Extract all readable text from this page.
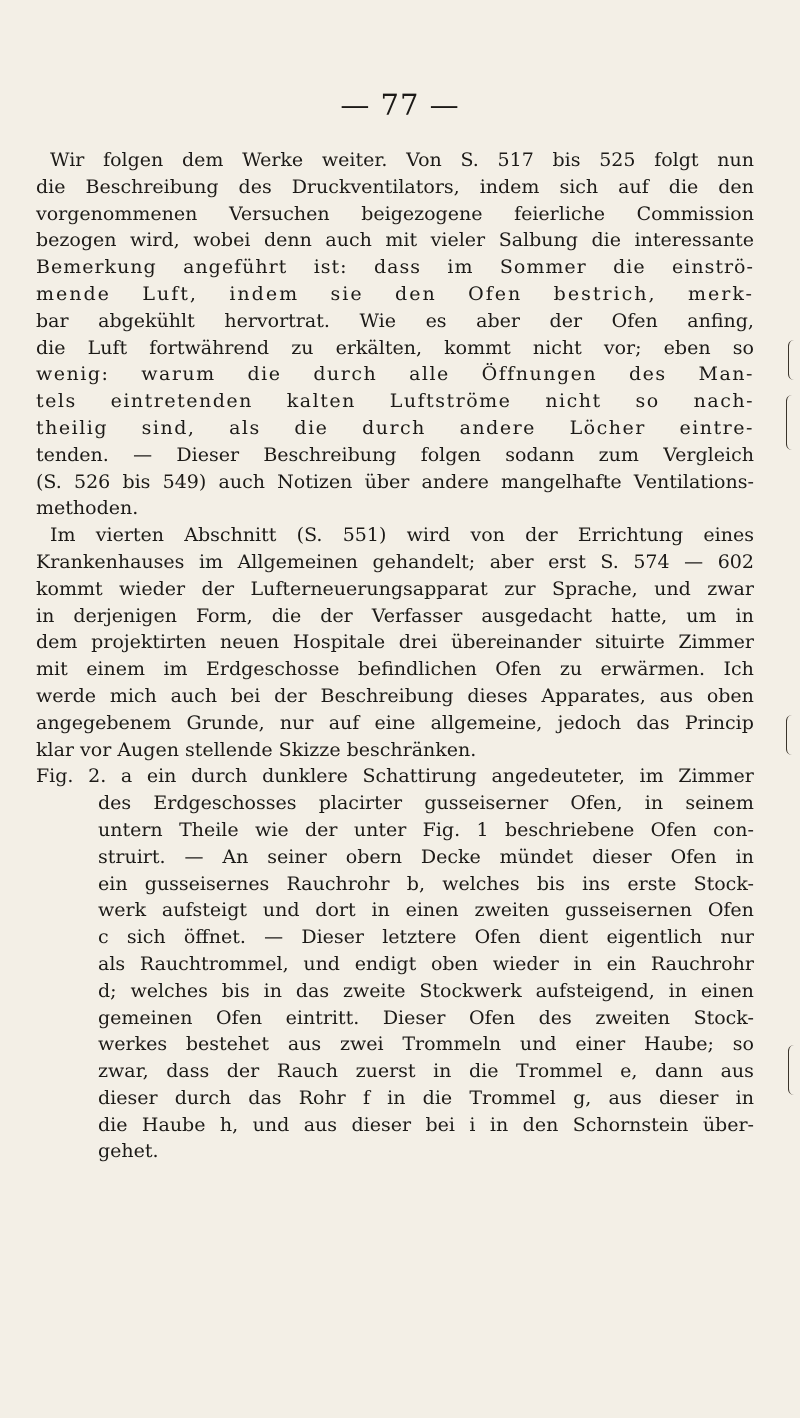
— 77 —
Wir folgen dem Werke weiter. Von S. 517 bis 525 folgt nun
die Beschreibung des Druckventilators, indem sich auf die den
vorgenommenen Versuchen beigezogene feierliche Commission
bezogen wird, wobei denn auch mit vieler Salbung die interessante
Bemerkung angeführt ist: dass im Sommer die einströ-
mende Luft, indem sie den Ofen bestrich, merk-
bar abgekühlt hervortrat. Wie es aber der Ofen anfing,
die Luft fortwährend zu erkälten, kommt nicht vor; eben so
wenig: warum die durch alle Öffnungen des Man-
tels eintretenden kalten Luftströme nicht so nach-
theilig sind, als die durch andere Löcher eintre-
tenden. — Dieser Beschreibung folgen sodann zum Vergleich
(S. 526 bis 549) auch Notizen über andere mangelhafte Ventilations-
methoden.
Im vierten Abschnitt (S. 551) wird von der Errichtung eines
Krankenhauses im Allgemeinen gehandelt; aber erst S. 574 — 602
kommt wieder der Lufterneuerungsapparat zur Sprache, und zwar
in derjenigen Form, die der Verfasser ausgedacht hatte, um in
dem projektirten neuen Hospitale drei übereinander situirte Zimmer
mit einem im Erdgeschosse befindlichen Ofen zu erwärmen. Ich
werde mich auch bei der Beschreibung dieses Apparates, aus oben
angegebenem Grunde, nur auf eine allgemeine, jedoch das Princip
klar vor Augen stellende Skizze beschränken.
Fig. 2. a ein durch dunklere Schattirung angedeuteter, im Zimmer
des Erdgeschosses placirter gusseiserner Ofen, in seinem
untern Theile wie der unter Fig. 1 beschriebene Ofen con-
struirt. — An seiner obern Decke mündet dieser Ofen in
ein gusseisernes Rauchrohr b, welches bis ins erste Stock-
werk aufsteigt und dort in einen zweiten gusseisernen Ofen
c sich öffnet. — Dieser letztere Ofen dient eigentlich nur
als Rauchtrommel, und endigt oben wieder in ein Rauchrohr
d; welches bis in das zweite Stockwerk aufsteigend, in einen
gemeinen Ofen eintritt. Dieser Ofen des zweiten Stock-
werkes bestehet aus zwei Trommeln und einer Haube; so
zwar, dass der Rauch zuerst in die Trommel e, dann aus
dieser durch das Rohr f in die Trommel g, aus dieser in
die Haube h, und aus dieser bei i in den Schornstein über-
gehet.
